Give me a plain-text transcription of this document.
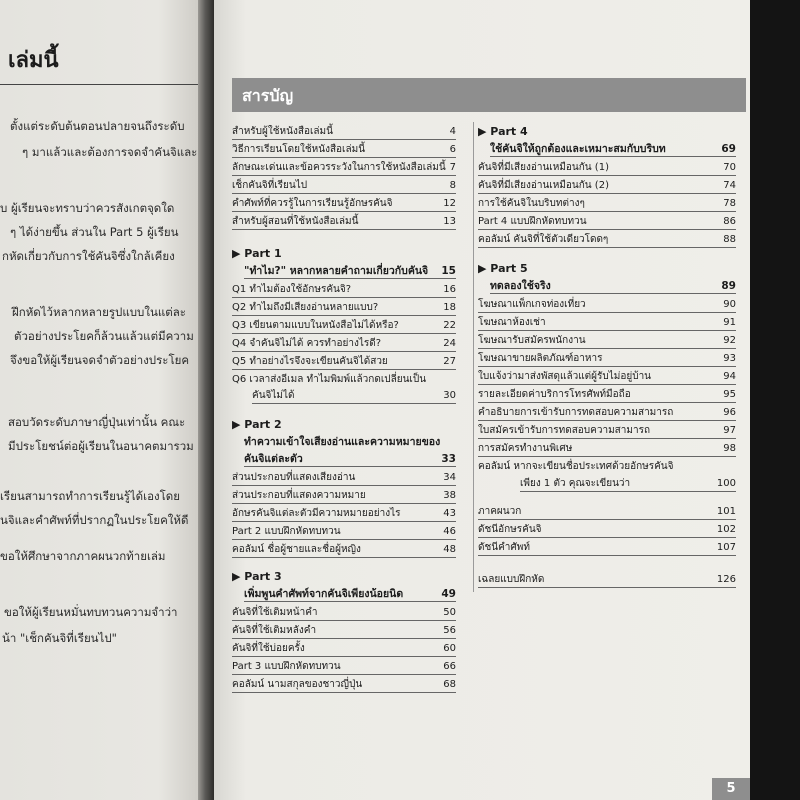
เล่มนี้
ตั้งแต่ระดับต้นตอนปลายจนถึงระดับ
ๆ มาแล้วและต้องการจดจำคันจิและ
บ ผู้เรียนจะทราบว่าควรสังเกตจุดใด
ๆ ได้ง่ายขึ้น ส่วนใน Part 5 ผู้เรียน
กหัดเกี่ยวกับการใช้คันจิซึ่งใกล้เคียง
ฝึกหัดไว้หลากหลายรูปแบบในแต่ละ
ตัวอย่างประโยคก็ล้วนแล้วแต่มีความ
จึงขอให้ผู้เรียนจดจำตัวอย่างประโยค
สอบวัดระดับภาษาญี่ปุ่นเท่านั้น คณะ
มีประโยชน์ต่อผู้เรียนในอนาคตมารวม
เรียนสามารถทำการเรียนรู้ได้เองโดย
ันจิและคำศัพท์ที่ปรากฏในประโยคให้ดี
ขอให้ศึกษาจากภาคผนวกท้ายเล่ม
ขอให้ผู้เรียนหมั่นทบทวนความจำว่า
น้า "เช็กคันจิที่เรียนไป"
สารบัญ
สำหรับผู้ใช้หนังสือเล่มนี้	4
วิธีการเรียนโดยใช้หนังสือเล่มนี้	6
ลักษณะเด่นและข้อควรระวังในการใช้หนังสือเล่มนี้ 7
เช็กคันจิที่เรียนไป	8
คำศัพท์ที่ควรรู้ในการเรียนรู้อักษรคันจิ	12
สำหรับผู้สอนที่ใช้หนังสือเล่มนี้	13
▶ Part 1
"ทำไม?" หลากหลายคำถามเกี่ยวกับคันจิ 15
Q1 ทำไมต้องใช้อักษรคันจิ?	16
Q2 ทำไมถึงมีเสียงอ่านหลายแบบ?	18
Q3 เขียนตามแบบในหนังสือไม่ได้หรือ?	22
Q4 จำคันจิไม่ได้ ควรทำอย่างไรดี?	24
Q5 ทำอย่างไรจึงจะเขียนคันจิได้สวย	27
Q6 เวลาส่งอีเมล ทำไมพิมพ์แล้วกดเปลี่ยนเป็น
คันจิไม่ได้	30
▶ Part 2
ทำความเข้าใจเสียงอ่านและความหมายของ
คันจิแต่ละตัว	33
ส่วนประกอบที่แสดงเสียงอ่าน	34
ส่วนประกอบที่แสดงความหมาย	38
อักษรคันจิแต่ละตัวมีความหมายอย่างไร	43
Part 2 แบบฝึกหัดทบทวน	46
คอลัมน์ ชื่อผู้ชายและชื่อผู้หญิง	48
▶ Part 3
เพิ่มพูนคำศัพท์จากคันจิเพียงน้อยนิด	49
คันจิที่ใช้เติมหน้าคำ	50
คันจิที่ใช้เติมหลังคำ	56
คันจิที่ใช้บ่อยครั้ง	60
Part 3 แบบฝึกหัดทบทวน	66
คอลัมน์ นามสกุลของชาวญี่ปุ่น	68
▶ Part 4
ใช้คันจิให้ถูกต้องและเหมาะสมกับบริบท	69
คันจิที่มีเสียงอ่านเหมือนกัน (1)	70
คันจิที่มีเสียงอ่านเหมือนกัน (2)	74
การใช้คันจิในบริบทต่างๆ	78
Part 4 แบบฝึกหัดทบทวน	86
คอลัมน์ คันจิที่ใช้ตัวเดียวโดดๆ	88
▶ Part 5
ทดลองใช้จริง	89
โฆษณาแพ็กเกจท่องเที่ยว	90
โฆษณาห้องเช่า	91
โฆษณารับสมัครพนักงาน	92
โฆษณาขายผลิตภัณฑ์อาหาร	93
ใบแจ้งว่ามาส่งพัสดุแล้วแต่ผู้รับไม่อยู่บ้าน	94
รายละเอียดค่าบริการโทรศัพท์มือถือ	95
คำอธิบายการเข้ารับการทดสอบความสามารถ	96
ใบสมัครเข้ารับการทดสอบความสามารถ	97
การสมัครทำงานพิเศษ	98
คอลัมน์ หากจะเขียนชื่อประเทศด้วยอักษรคันจิ
เพียง 1 ตัว คุณจะเขียนว่า	100
ภาคผนวก	101
ดัชนีอักษรคันจิ	102
ดัชนีคำศัพท์	107
เฉลยแบบฝึกหัด	126
5
